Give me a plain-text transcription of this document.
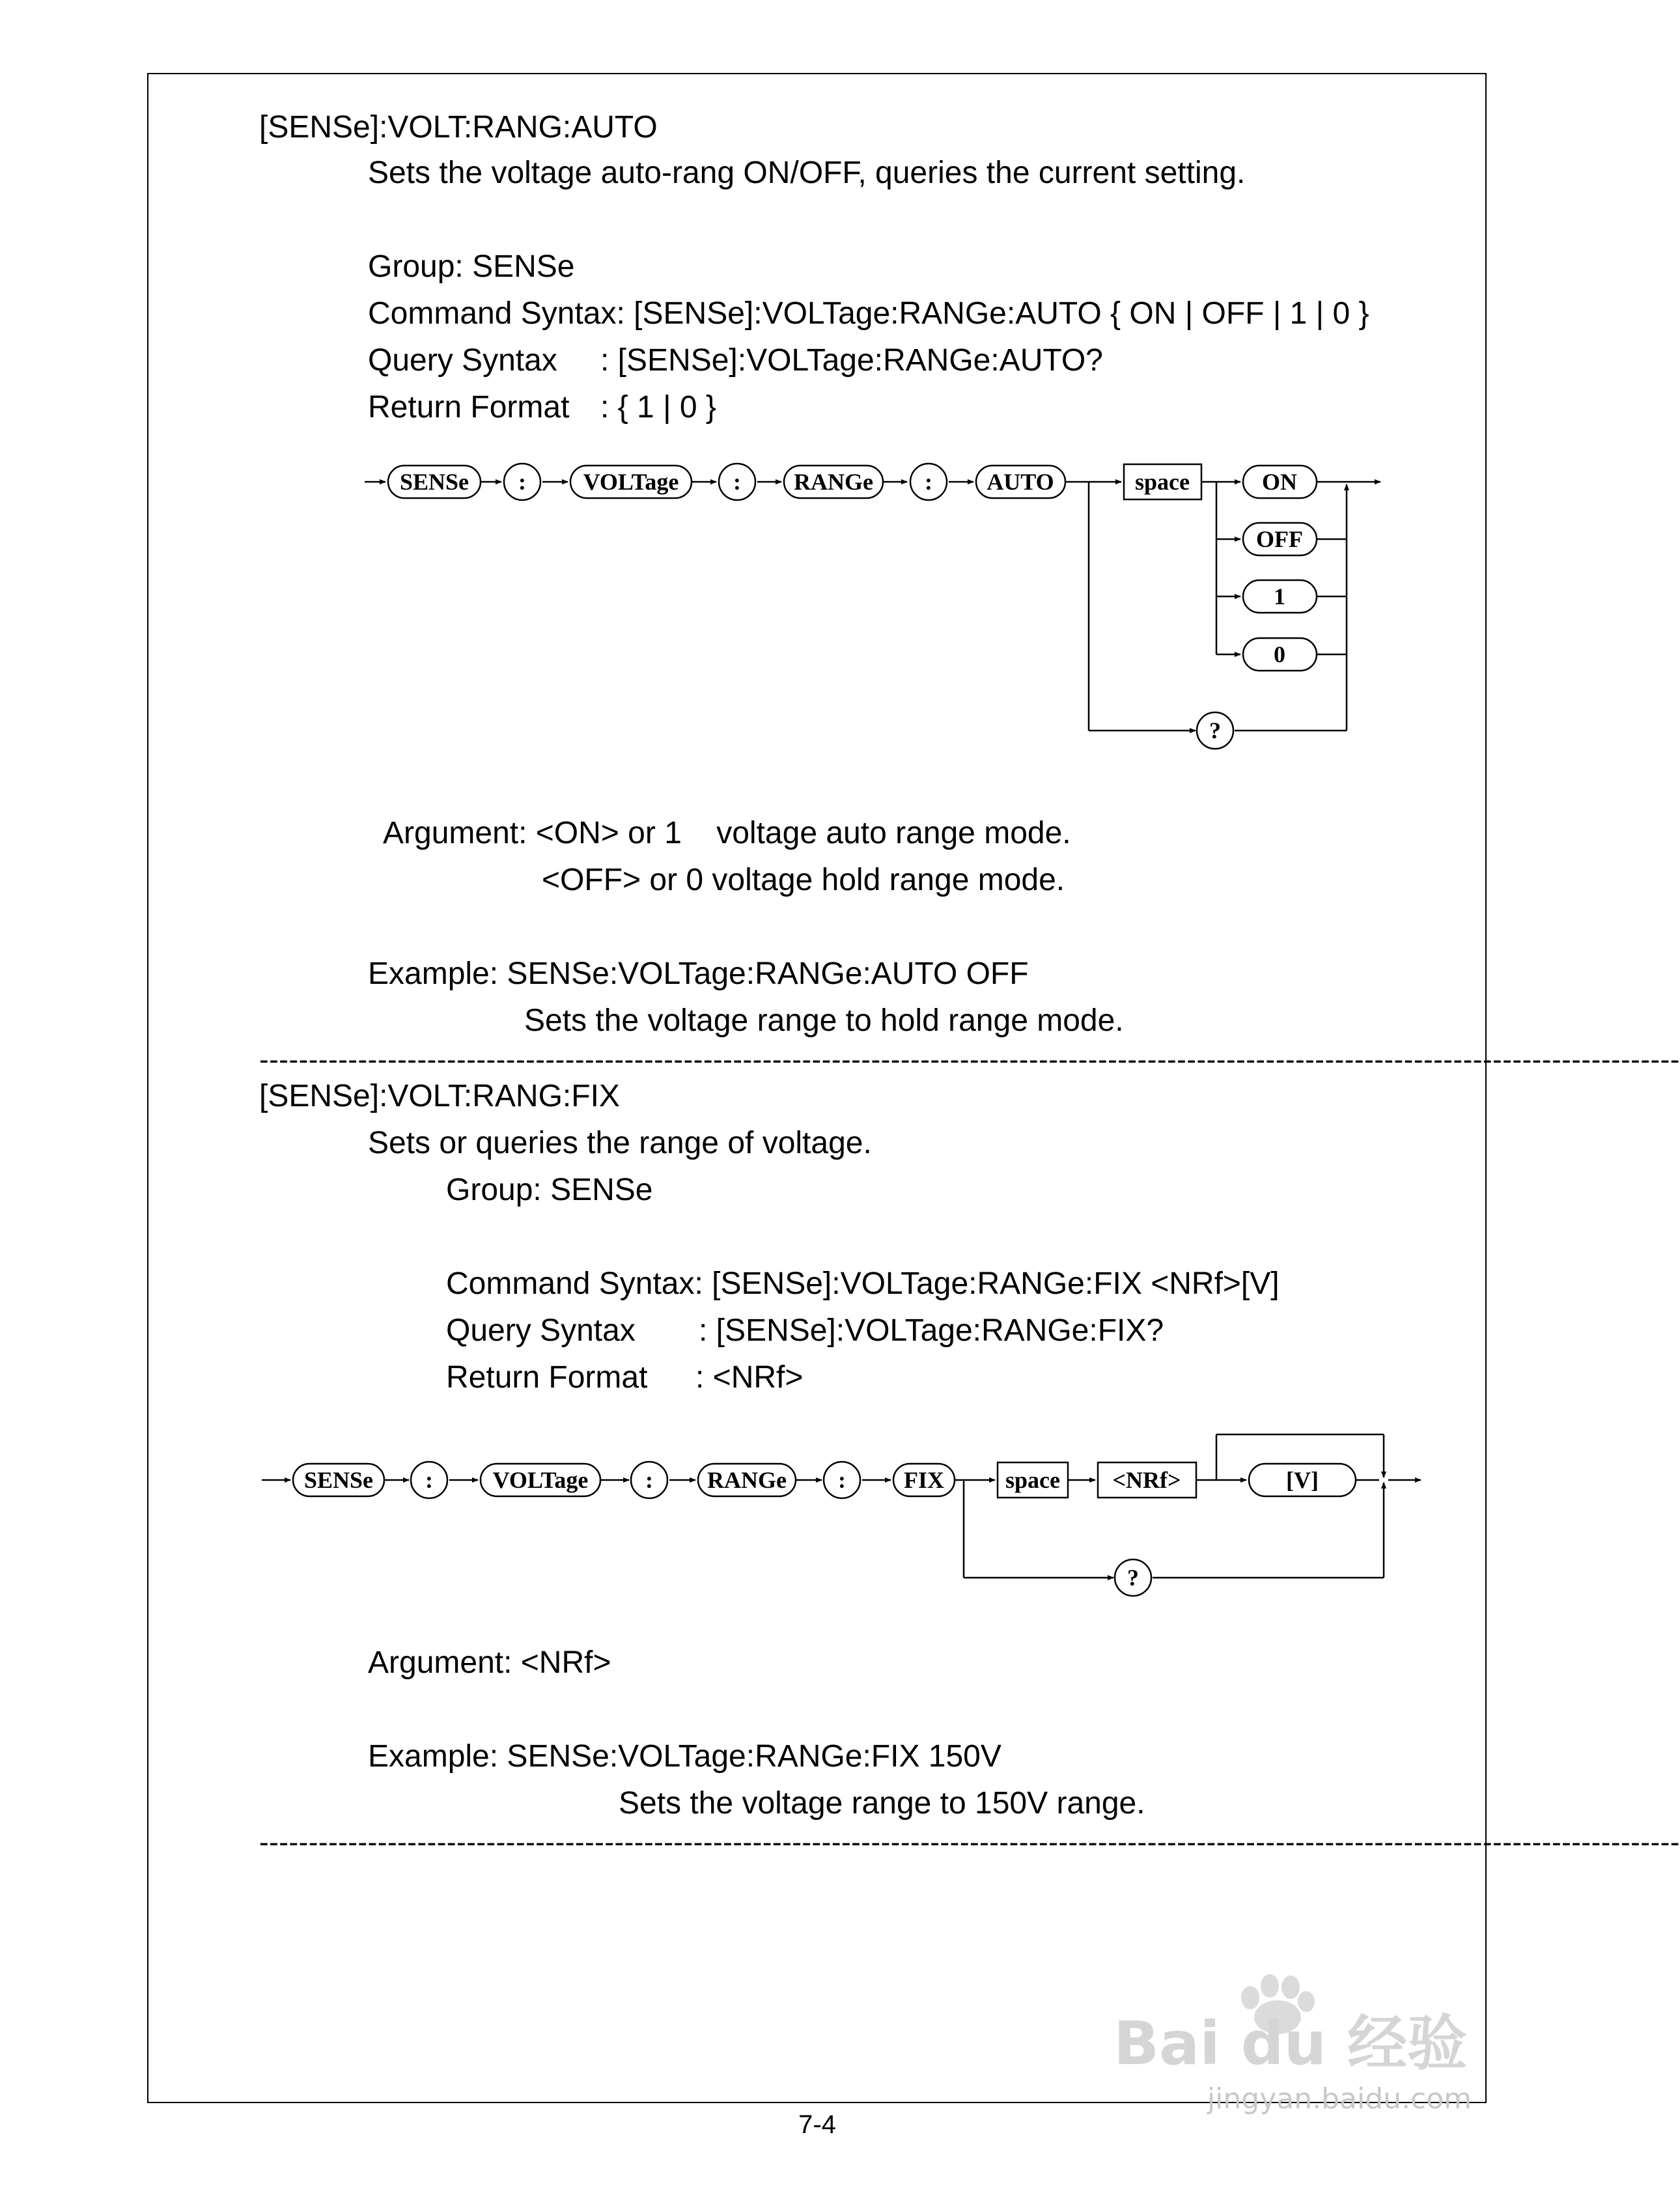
[SENSe]:VOLT:RANG:AUTO
Sets the voltage auto-rang ON/OFF, queries the current setting.
Group: SENSe
Command Syntax: [SENSe]:VOLTage:RANGe:AUTO { ON | OFF | 1 | 0 }
Query Syntax : [SENSe]:VOLTage:RANGe:AUTO?
Return Format : { 1 | 0 }
SENSe : VOLTage : RANGe : AUTO	space	ON
OFF
1
0
?
Argument: <ON> or 1    voltage auto range mode.
<OFF> or 0 voltage hold range mode.
Example: SENSe:VOLTage:RANGe:AUTO OFF
Sets the voltage range to hold range mode.
------------------------------------------------------------------------------------------------------------------------------------------------
[SENSe]:VOLT:RANG:FIX
Sets or queries the range of voltage.
Group: SENSe
Command Syntax: [SENSe]:VOLTage:RANGe:FIX <NRf>[V]
Query Syntax : [SENSe]:VOLTage:RANGe:FIX?
Return Format : <NRf>
SENSe :	VOLTage : RANGe : FIX	space <NRf>	[V]
?
Argument: <NRf>
Example: SENSe:VOLTage:RANGe:FIX 150V
Sets the voltage range to 150V range.
------------------------------------------------------------------------------------------------------------------------------------------------
7-4
Bai du 经验
jingyan.baidu.com
